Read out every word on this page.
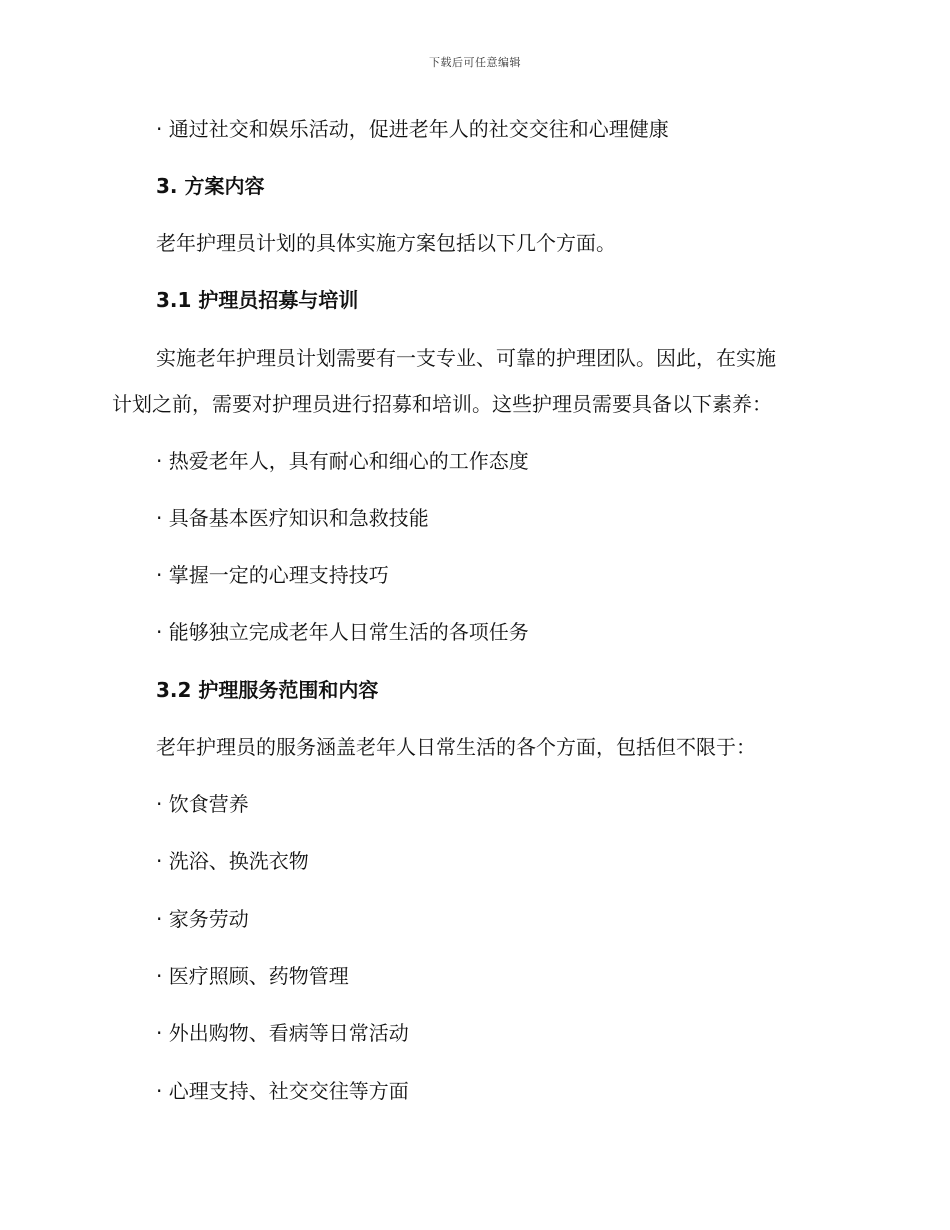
下载后可任意编辑
· 通过社交和娱乐活动，促进老年人的社交交往和心理健康
3. 方案内容
老年护理员计划的具体实施方案包括以下几个方面。
3.1 护理员招募与培训
实施老年护理员计划需要有一支专业、可靠的护理团队。因此，在实施
计划之前，需要对护理员进行招募和培训。这些护理员需要具备以下素养：
· 热爱老年人，具有耐心和细心的工作态度
· 具备基本医疗知识和急救技能
· 掌握一定的心理支持技巧
· 能够独立完成老年人日常生活的各项任务
3.2 护理服务范围和内容
老年护理员的服务涵盖老年人日常生活的各个方面，包括但不限于：
· 饮食营养
· 洗浴、换洗衣物
· 家务劳动
· 医疗照顾、药物管理
· 外出购物、看病等日常活动
· 心理支持、社交交往等方面
